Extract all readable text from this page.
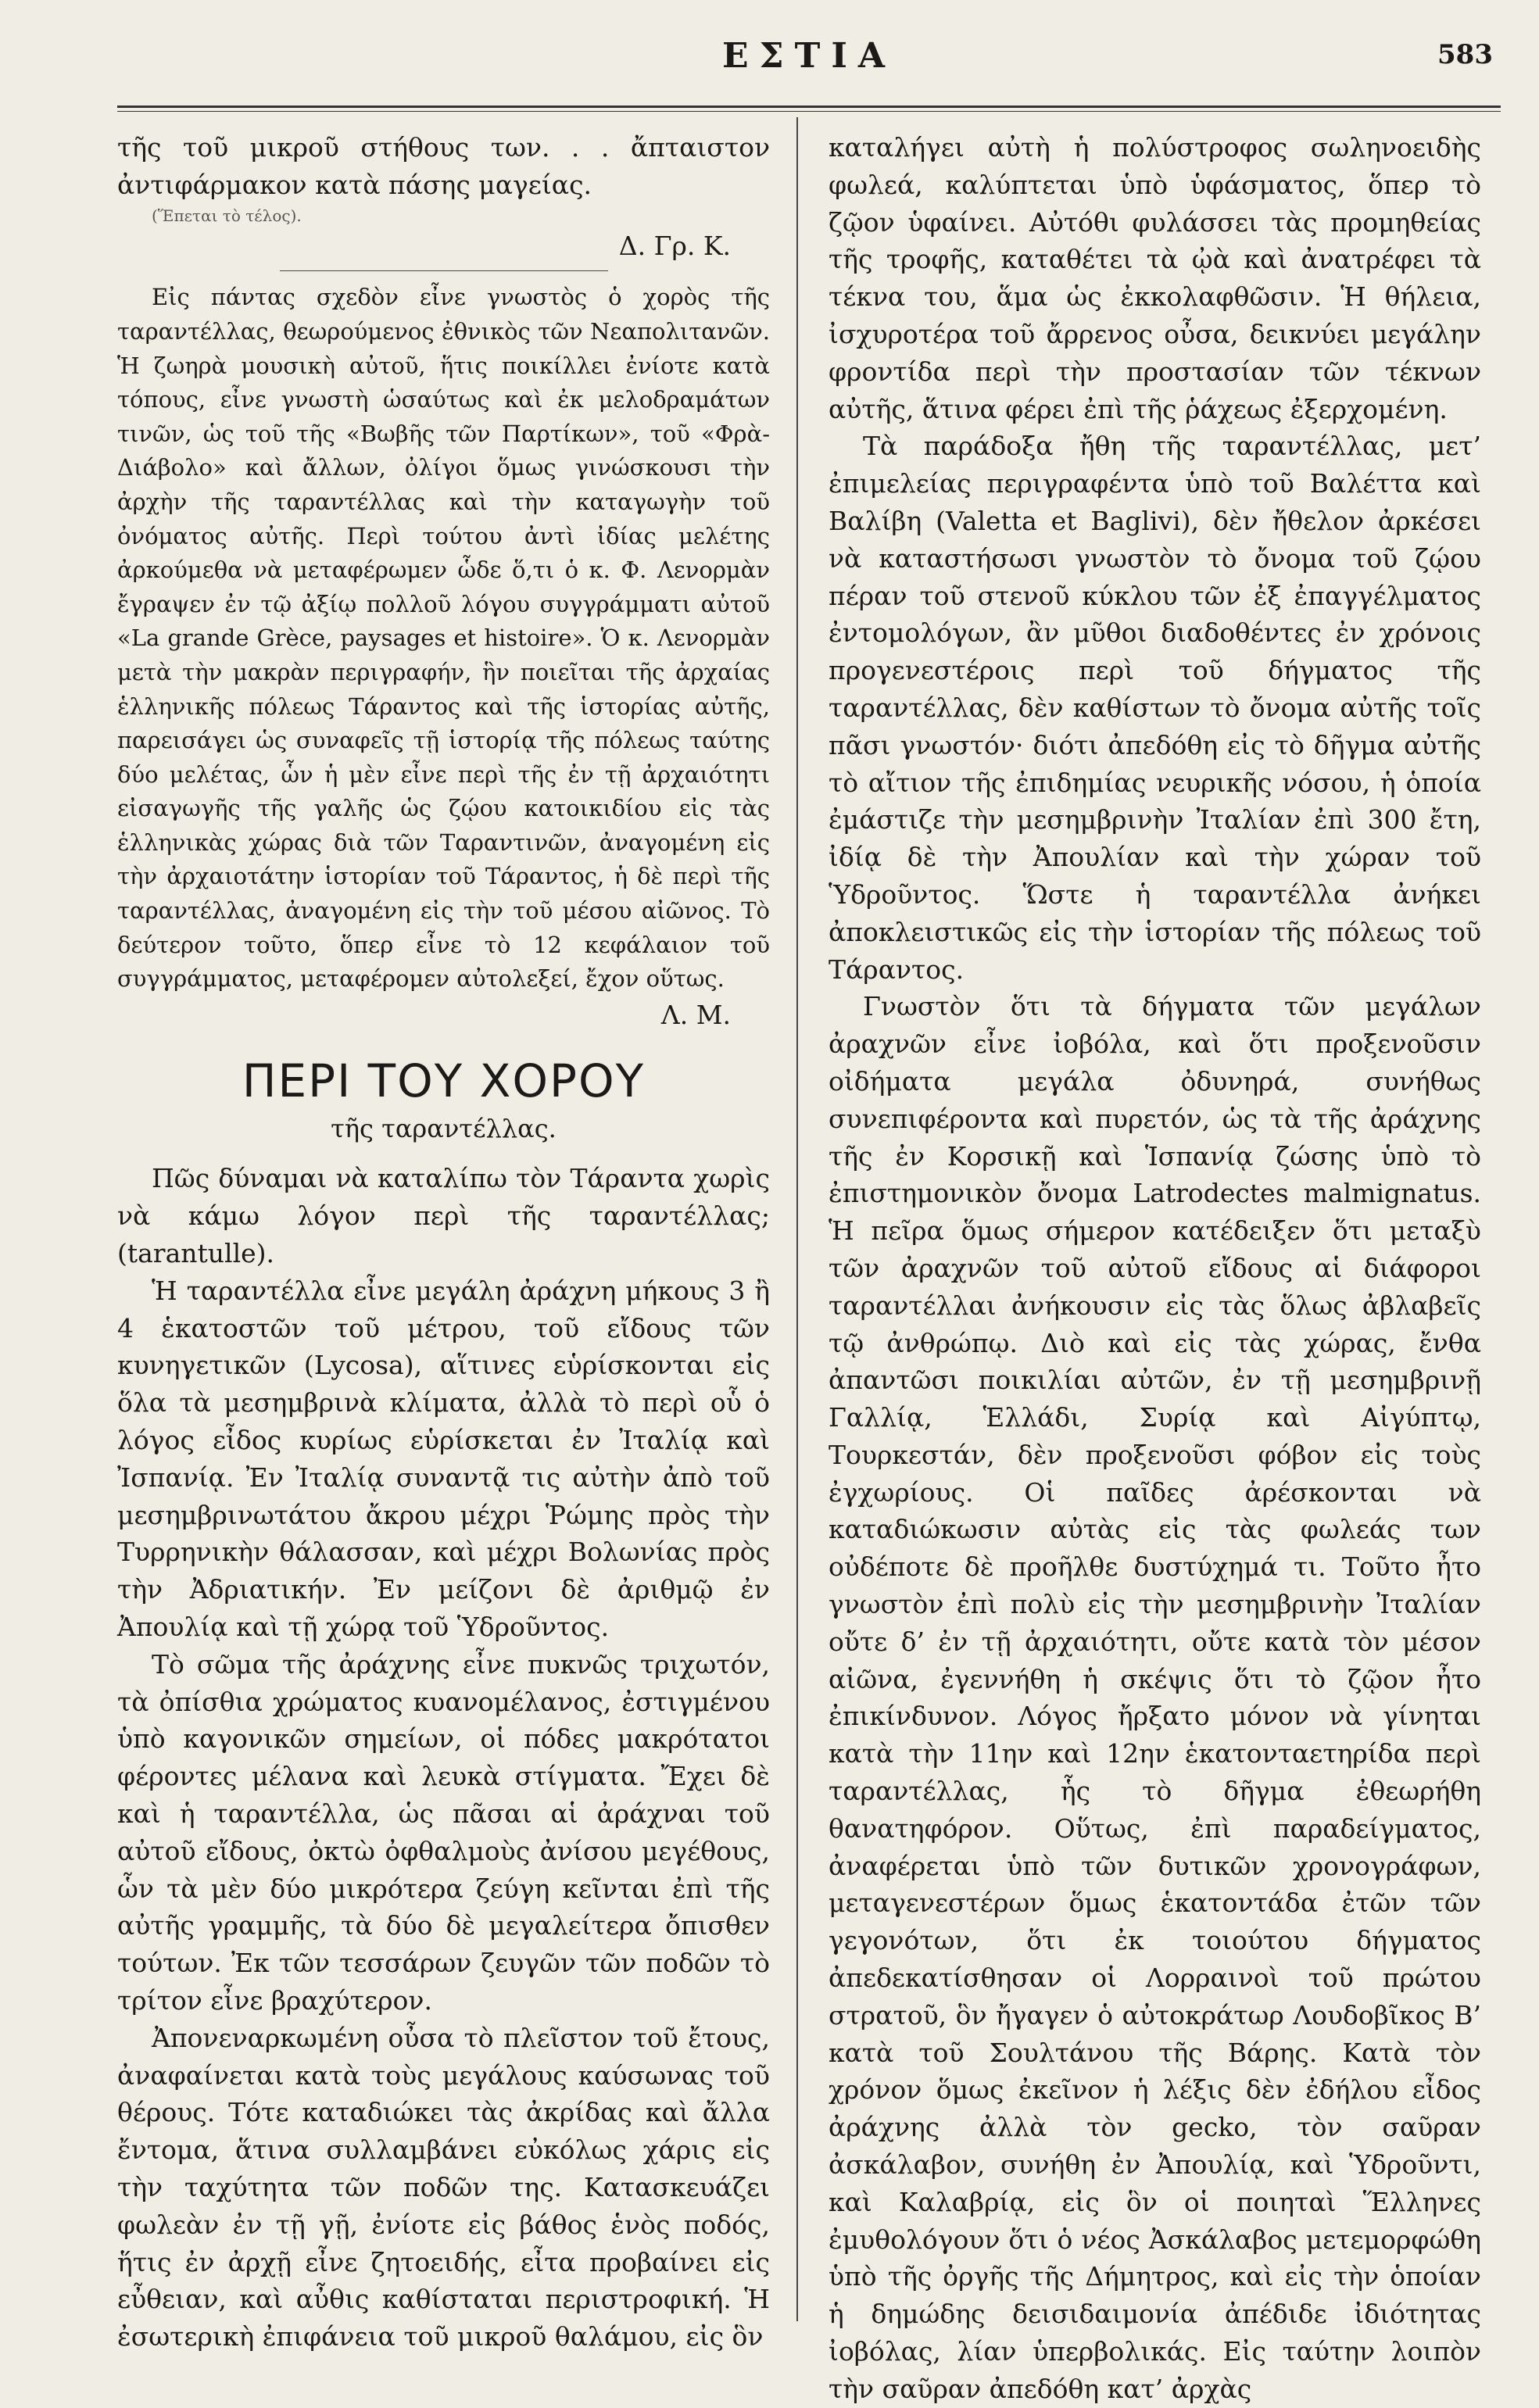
ΕΣΤΙΑ	583

τῆς τοῦ μικροῦ στήθους των. . . ἄπταιστον ἀντιφάρμακον κατὰ πάσης μαγείας.

(Ἕπεται τὸ τέλος).

Δ. Γρ. Κ.

Εἰς πάντας σχεδὸν εἶνε γνωστὸς ὁ χορὸς τῆς ταραντέλλας, θεωρούμενος ἐθνικὸς τῶν Νεαπολιτανῶν. Ἡ ζωηρὰ μουσικὴ αὐτοῦ, ἥτις ποικίλλει ἐνίοτε κατὰ τόπους, εἶνε γνωστὴ ὡσαύτως καὶ ἐκ μελοδραμάτων τινῶν, ὡς τοῦ τῆς «Βωβῆς τῶν Παρτίκων», τοῦ «Φρὰ-Διάβολο» καὶ ἄλλων, ὀλίγοι ὅμως γινώσκουσι τὴν ἀρχὴν τῆς ταραντέλλας καὶ τὴν καταγωγὴν τοῦ ὀνόματος αὐτῆς. Περὶ τούτου ἀντὶ ἰδίας μελέτης ἀρκούμεθα νὰ μεταφέρωμεν ὧδε ὅ,τι ὁ κ. Φ. Λενορμὰν ἔγραψεν ἐν τῷ ἀξίῳ πολλοῦ λόγου συγγράμματι αὐτοῦ «La grande Grèce, paysages et histoire». Ὁ κ. Λενορμὰν μετὰ τὴν μακρὰν περιγραφήν, ἣν ποιεῖται τῆς ἀρχαίας ἑλληνικῆς πόλεως Τάραντος καὶ τῆς ἱστορίας αὐτῆς, παρεισάγει ὡς συναφεῖς τῇ ἱστορίᾳ τῆς πόλεως ταύτης δύο μελέτας, ὧν ἡ μὲν εἶνε περὶ τῆς ἐν τῇ ἀρχαιότητι εἰσαγωγῆς τῆς γαλῆς ὡς ζῴου κατοικιδίου εἰς τὰς ἑλληνικὰς χώρας διὰ τῶν Ταραντινῶν, ἀναγομένη εἰς τὴν ἀρχαιοτάτην ἱστορίαν τοῦ Τάραντος, ἡ δὲ περὶ τῆς ταραντέλλας, ἀναγομένη εἰς τὴν τοῦ μέσου αἰῶνος. Τὸ δεύτερον τοῦτο, ὅπερ εἶνε τὸ 12 κεφάλαιον τοῦ συγγράμματος, μεταφέρομεν αὐτολεξεί, ἔχον οὕτως.

Λ. Μ.

ΠΕΡΙ ΤΟΥ ΧΟΡΟΥ
τῆς ταραντέλλας.

Πῶς δύναμαι νὰ καταλίπω τὸν Τάραντα χωρὶς νὰ κάμω λόγον περὶ τῆς ταραντέλλας; (tarantulle).

Ἡ ταραντέλλα εἶνε μεγάλη ἀράχνη μήκους 3 ἢ 4 ἑκατοστῶν τοῦ μέτρου, τοῦ εἴδους τῶν κυνηγετικῶν (Lycosa), αἵτινες εὑρίσκονται εἰς ὅλα τὰ μεσημβρινὰ κλίματα, ἀλλὰ τὸ περὶ οὗ ὁ λόγος εἶδος κυρίως εὑρίσκεται ἐν Ἰταλίᾳ καὶ Ἰσπανίᾳ. Ἐν Ἰταλίᾳ συναντᾷ τις αὐτὴν ἀπὸ τοῦ μεσημβρινωτάτου ἄκρου μέχρι Ῥώμης πρὸς τὴν Τυρρηνικὴν θάλασσαν, καὶ μέχρι Βολωνίας πρὸς τὴν Ἀδριατικήν. Ἐν μείζονι δὲ ἀριθμῷ ἐν Ἀπουλίᾳ καὶ τῇ χώρᾳ τοῦ Ὑδροῦντος.

Τὸ σῶμα τῆς ἀράχνης εἶνε πυκνῶς τριχωτόν, τὰ ὀπίσθια χρώματος κυανομέλανος, ἐστιγμένου ὑπὸ καγονικῶν σημείων, οἱ πόδες μακρότατοι φέροντες μέλανα καὶ λευκὰ στίγματα. Ἔχει δὲ καὶ ἡ ταραντέλλα, ὡς πᾶσαι αἱ ἀράχναι τοῦ αὐτοῦ εἴδους, ὀκτὼ ὀφθαλμοὺς ἀνίσου μεγέθους, ὧν τὰ μὲν δύο μικρότερα ζεύγη κεῖνται ἐπὶ τῆς αὐτῆς γραμμῆς, τὰ δύο δὲ μεγαλείτερα ὄπισθεν τούτων. Ἐκ τῶν τεσσάρων ζευγῶν τῶν ποδῶν τὸ τρίτον εἶνε βραχύτερον.

Ἀπονεναρκωμένη οὖσα τὸ πλεῖστον τοῦ ἔτους, ἀναφαίνεται κατὰ τοὺς μεγάλους καύσωνας τοῦ θέρους. Τότε καταδιώκει τὰς ἀκρίδας καὶ ἄλλα ἔντομα, ἅτινα συλλαμβάνει εὐκόλως χάρις εἰς τὴν ταχύτητα τῶν ποδῶν της. Κατασκευάζει φωλεὰν ἐν τῇ γῇ, ἐνίοτε εἰς βάθος ἑνὸς ποδός, ἥτις ἐν ἀρχῇ εἶνε ζητοειδής, εἶτα προβαίνει εἰς εὖθειαν, καὶ αὖθις καθίσταται περιστροφική. Ἡ ἐσωτερικὴ ἐπιφάνεια τοῦ μικροῦ θαλάμου, εἰς ὃν

καταλήγει αὐτὴ ἡ πολύστροφος σωληνοειδὴς φωλεά, καλύπτεται ὑπὸ ὑφάσματος, ὅπερ τὸ ζῷον ὑφαίνει. Αὐτόθι φυλάσσει τὰς προμηθείας τῆς τροφῆς, καταθέτει τὰ ᾠὰ καὶ ἀνατρέφει τὰ τέκνα του, ἅμα ὡς ἐκκολαφθῶσιν. Ἡ θήλεια, ἰσχυροτέρα τοῦ ἄρρενος οὖσα, δεικνύει μεγάλην φροντίδα περὶ τὴν προστασίαν τῶν τέκνων αὐτῆς, ἅτινα φέρει ἐπὶ τῆς ῥάχεως ἐξερχομένη.

Τὰ παράδοξα ἤθη τῆς ταραντέλλας, μετ’ ἐπιμελείας περιγραφέντα ὑπὸ τοῦ Βαλέττα καὶ Βαλίβη (Valetta et Baglivi), δὲν ἤθελον ἀρκέσει νὰ καταστήσωσι γνωστὸν τὸ ὄνομα τοῦ ζῴου πέραν τοῦ στενοῦ κύκλου τῶν ἐξ ἐπαγγέλματος ἐντομολόγων, ἂν μῦθοι διαδοθέντες ἐν χρόνοις προγενεστέροις περὶ τοῦ δήγματος τῆς ταραντέλλας, δὲν καθίστων τὸ ὄνομα αὐτῆς τοῖς πᾶσι γνωστόν· διότι ἀπεδόθη εἰς τὸ δῆγμα αὐτῆς τὸ αἴτιον τῆς ἐπιδημίας νευρικῆς νόσου, ἡ ὁποία ἐμάστιζε τὴν μεσημβρινὴν Ἰταλίαν ἐπὶ 300 ἔτη, ἰδίᾳ δὲ τὴν Ἀπουλίαν καὶ τὴν χώραν τοῦ Ὑδροῦντος. Ὥστε ἡ ταραντέλλα ἀνήκει ἀποκλειστικῶς εἰς τὴν ἱστορίαν τῆς πόλεως τοῦ Τάραντος.

Γνωστὸν ὅτι τὰ δήγματα τῶν μεγάλων ἀραχνῶν εἶνε ἰοβόλα, καὶ ὅτι προξενοῦσιν οἰδήματα μεγάλα ὀδυνηρά, συνήθως συνεπιφέροντα καὶ πυρετόν, ὡς τὰ τῆς ἀράχνης τῆς ἐν Κορσικῇ καὶ Ἱσπανίᾳ ζώσης ὑπὸ τὸ ἐπιστημονικὸν ὄνομα Latrodectes malmignatus. Ἡ πεῖρα ὅμως σήμερον κατέδειξεν ὅτι μεταξὺ τῶν ἀραχνῶν τοῦ αὐτοῦ εἴδους αἱ διάφοροι ταραντέλλαι ἀνήκουσιν εἰς τὰς ὅλως ἀβλαβεῖς τῷ ἀνθρώπῳ. Διὸ καὶ εἰς τὰς χώρας, ἔνθα ἀπαντῶσι ποικιλίαι αὐτῶν, ἐν τῇ μεσημβρινῇ Γαλλίᾳ, Ἑλλάδι, Συρίᾳ καὶ Αἰγύπτῳ, Τουρκεστάν, δὲν προξενοῦσι φόβον εἰς τοὺς ἐγχωρίους. Οἱ παῖδες ἀρέσκονται νὰ καταδιώκωσιν αὐτὰς εἰς τὰς φωλεάς των οὐδέποτε δὲ προῆλθε δυστύχημά τι. Τοῦτο ἦτο γνωστὸν ἐπὶ πολὺ εἰς τὴν μεσημβρινὴν Ἰταλίαν οὔτε δ’ ἐν τῇ ἀρχαιότητι, οὔτε κατὰ τὸν μέσον αἰῶνα, ἐγεννήθη ἡ σκέψις ὅτι τὸ ζῷον ἦτο ἐπικίνδυνον. Λόγος ἤρξατο μόνον νὰ γίνηται κατὰ τὴν 11ην καὶ 12ην ἑκατονταετηρίδα περὶ ταραντέλλας, ἧς τὸ δῆγμα ἐθεωρήθη θανατηφόρον. Οὕτως, ἐπὶ παραδείγματος, ἀναφέρεται ὑπὸ τῶν δυτικῶν χρονογράφων, μεταγενεστέρων ὅμως ἑκατοντάδα ἐτῶν τῶν γεγονότων, ὅτι ἐκ τοιούτου δήγματος ἀπεδεκατίσθησαν οἱ Λορραινοὶ τοῦ πρώτου στρατοῦ, ὃν ἤγαγεν ὁ αὐτοκράτωρ Λουδοβῖκος Β’ κατὰ τοῦ Σουλτάνου τῆς Βάρης. Κατὰ τὸν χρόνον ὅμως ἐκεῖνον ἡ λέξις δὲν ἐδήλου εἶδος ἀράχνης ἀλλὰ τὸν gecko, τὸν σαῦραν ἀσκάλαβον, συνήθη ἐν Ἀπουλίᾳ, καὶ Ὑδροῦντι, καὶ Καλαβρίᾳ, εἰς ὃν οἱ ποιηταὶ Ἕλληνες ἐμυθολόγουν ὅτι ὁ νέος Ἀσκάλαβος μετεμορφώθη ὑπὸ τῆς ὀργῆς τῆς Δήμητρος, καὶ εἰς τὴν ὁποίαν ἡ δημώδης δεισιδαιμονία ἀπέδιδε ἰδιότητας ἰοβόλας, λίαν ὑπερβολικάς. Εἰς ταύτην λοιπὸν τὴν σαῦραν ἀπεδόθη κατ’ ἀρχὰς
